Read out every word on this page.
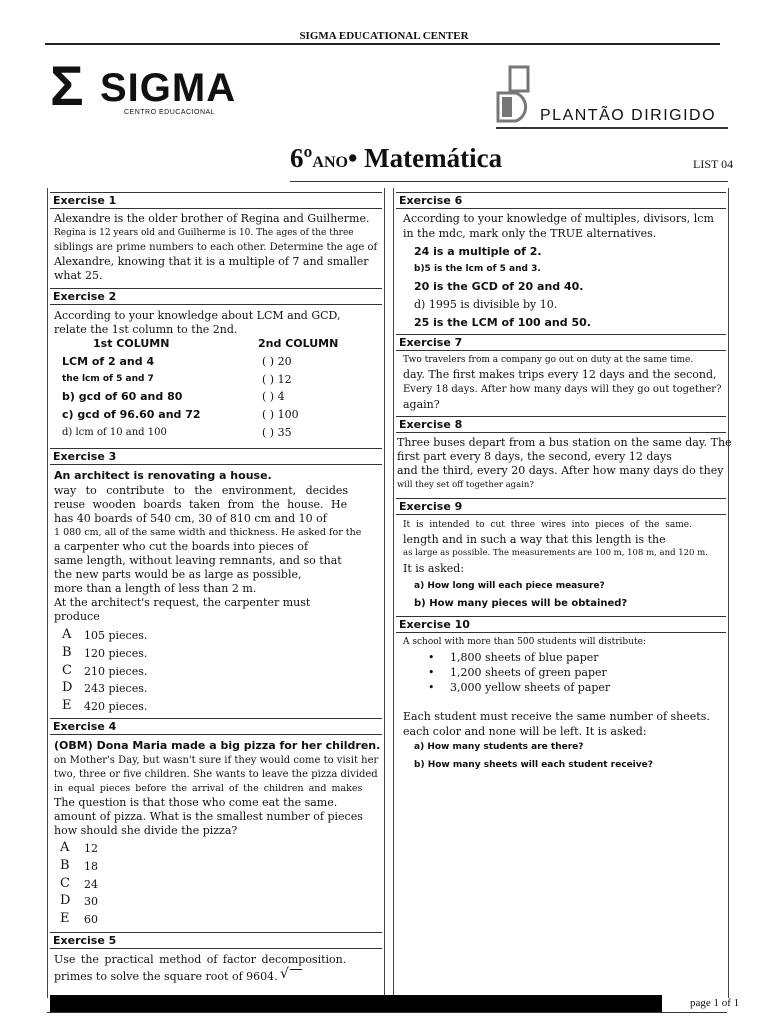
SIGMA EDUCATIONAL CENTER
Σ SIGMA
CENTRO EDUCACIONAL	PLANTÃO DIRIGIDO
6ºANO• Matemática	LIST 04
Exercise 1
Alexandre is the older brother of Regina and Guilherme.
Regina is 12 years old and Guilherme is 10. The ages of the three
siblings are prime numbers to each other. Determine the age of
Alexandre, knowing that it is a multiple of 7 and smaller
what 25.
Exercise 2
According to your knowledge about LCM and GCD,
relate the 1st column to the 2nd.
1st COLUMN	2nd COLUMN
LCM of 2 and 4	( ) 20
the lcm of 5 and 7	( ) 12
b) gcd of 60 and 80	( ) 4
c) gcd of 96.60 and 72	( ) 100
d) lcm of 10 and 100	( ) 35
Exercise 3
An architect is renovating a house.
way to contribute to the environment, decides
reuse wooden boards taken from the house. He
has 40 boards of 540 cm, 30 of 810 cm and 10 of
1 080 cm, all of the same width and thickness. He asked for the
a carpenter who cut the boards into pieces of
same length, without leaving remnants, and so that
the new parts would be as large as possible,
more than a length of less than 2 m.
At the architect's request, the carpenter must
produce
A 105 pieces.
B 120 pieces.
C 210 pieces.
D 243 pieces.
E 420 pieces.
Exercise 4
(OBM) Dona Maria made a big pizza for her children.
on Mother's Day, but wasn't sure if they would come to visit her
two, three or five children. She wants to leave the pizza divided
in equal pieces before the arrival of the children and makes
The question is that those who come eat the same.
amount of pizza. What is the smallest number of pieces
how should she divide the pizza?
A 12
B 18
C 24
D 30
E 60
Exercise 5
Use the practical method of factor decomposition.
primes to solve the square root of 9604. √
Exercise 6
According to your knowledge of multiples, divisors, lcm
in the mdc, mark only the TRUE alternatives.
24 is a multiple of 2.
b)5 is the lcm of 5 and 3.
20 is the GCD of 20 and 40.
d) 1995 is divisible by 10.
25 is the LCM of 100 and 50.
Exercise 7
Two travelers from a company go out on duty at the same time.
day. The first makes trips every 12 days and the second,
Every 18 days. After how many days will they go out together?
again?
Exercise 8
Three buses depart from a bus station on the same day. The
first part every 8 days, the second, every 12 days
and the third, every 20 days. After how many days do they
will they set off together again?
Exercise 9
It is intended to cut three wires into pieces of the same.
length and in such a way that this length is the
as large as possible. The measurements are 100 m, 108 m, and 120 m.
It is asked:
a) How long will each piece measure?
b) How many pieces will be obtained?
Exercise 10
A school with more than 500 students will distribute:
• 1,800 sheets of blue paper
• 1,200 sheets of green paper
• 3,000 yellow sheets of paper
Each student must receive the same number of sheets.
each color and none will be left. It is asked:
a) How many students are there?
b) How many sheets will each student receive?
page 1 of 1
